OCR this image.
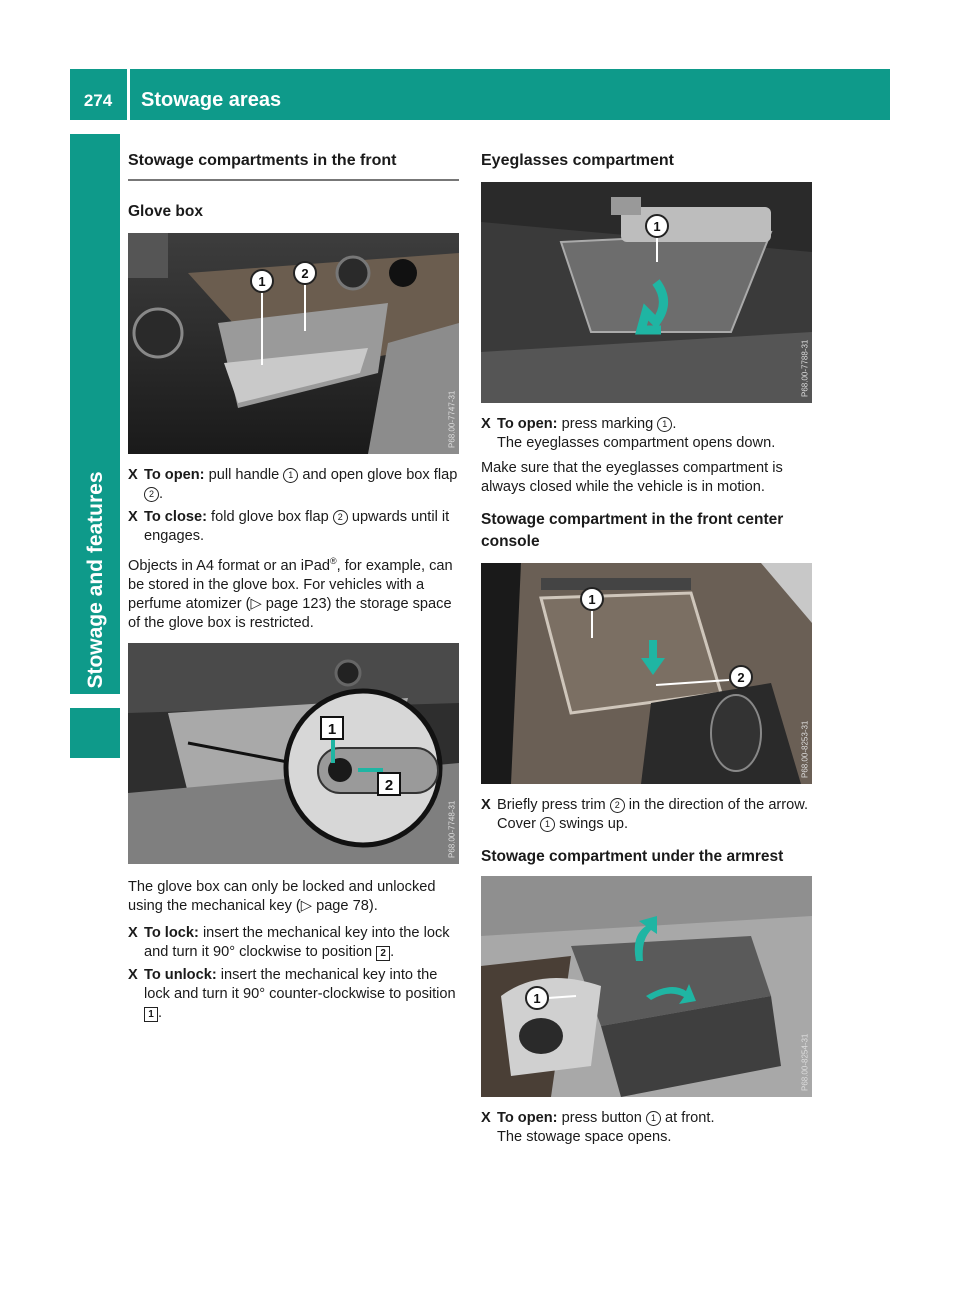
274	Stowage areas
Stowage and features
Stowage compartments in the front
Glove box
1
2
P68.00-7747-31
X To open: pull handle 1 and open glove box flap 2 .
X To close: fold glove box flap 2 upwards until it engages.
Objects in A4 format or an iPad®, for example, can be stored in the glove box. For vehicles with a perfume atomizer (▷ page 123) the storage space of the glove box is restricted.
1
2
P68.00-7748-31
The glove box can only be locked and unlocked using the mechanical key (▷ page 78).
X To lock: insert the mechanical key into the lock and turn it 90° clockwise to position 2 .
X To unlock: insert the mechanical key into the lock and turn it 90° counter-clockwise to position 1 .
Eyeglasses compartment
1
P68.00-7788-31
X To open: press marking 1 .
The eyeglasses compartment opens down.
Make sure that the eyeglasses compartment is always closed while the vehicle is in motion.
Stowage compartment in the front center console
1
2
P68.00-8253-31
X Briefly press trim 2 in the direction of the arrow.
Cover 1 swings up.
Stowage compartment under the armrest
1
P68.00-8254-31
X To open: press button 1 at front.
The stowage space opens.
